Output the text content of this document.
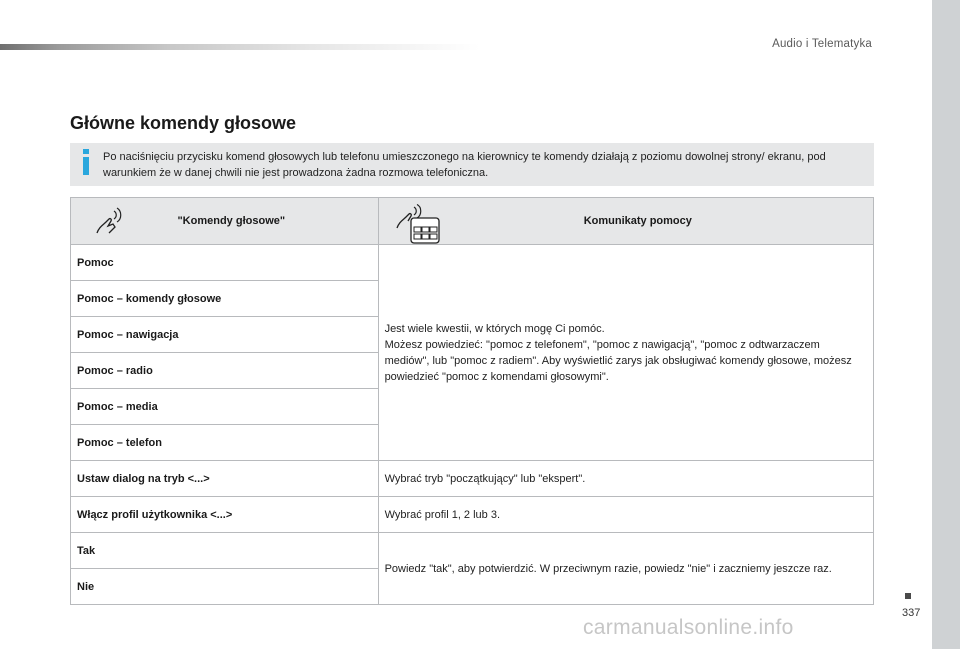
Audio i Telematyka
Główne komendy głosowe
Po naciśnięciu przycisku komend głosowych lub telefonu umieszczonego na kierownicy te komendy działają z poziomu dowolnej strony/ ekranu, pod warunkiem że w danej chwili nie jest prowadzona żadna rozmowa telefoniczna.
"Komendy głosowe"	Komunikaty pomocy

Pomoc	Jest wiele kwestii, w których mogę Ci pomóc.
Możesz powiedzieć: "pomoc z telefonem", "pomoc z nawigacją", "pomoc z odtwarzaczem mediów", lub "pomoc z radiem". Aby wyświetlić zarys jak obsługiwać komendy głosowe, możesz powiedzieć "pomoc z komendami głosowymi".

Pomoc – komendy głosowe	
Pomoc – nawigacja	
Pomoc – radio	
Pomoc – media	
Pomoc – telefon	
Ustaw dialog na tryb <...>	Wybrać tryb "początkujący" lub "ekspert".
Włącz profil użytkownika <...>	Wybrać profil 1, 2 lub 3.
Tak	Powiedz "tak", aby potwierdzić. W przeciwnym razie, powiedz "nie" i zaczniemy jeszcze raz.
Nie	
337
carmanualsonline.info
